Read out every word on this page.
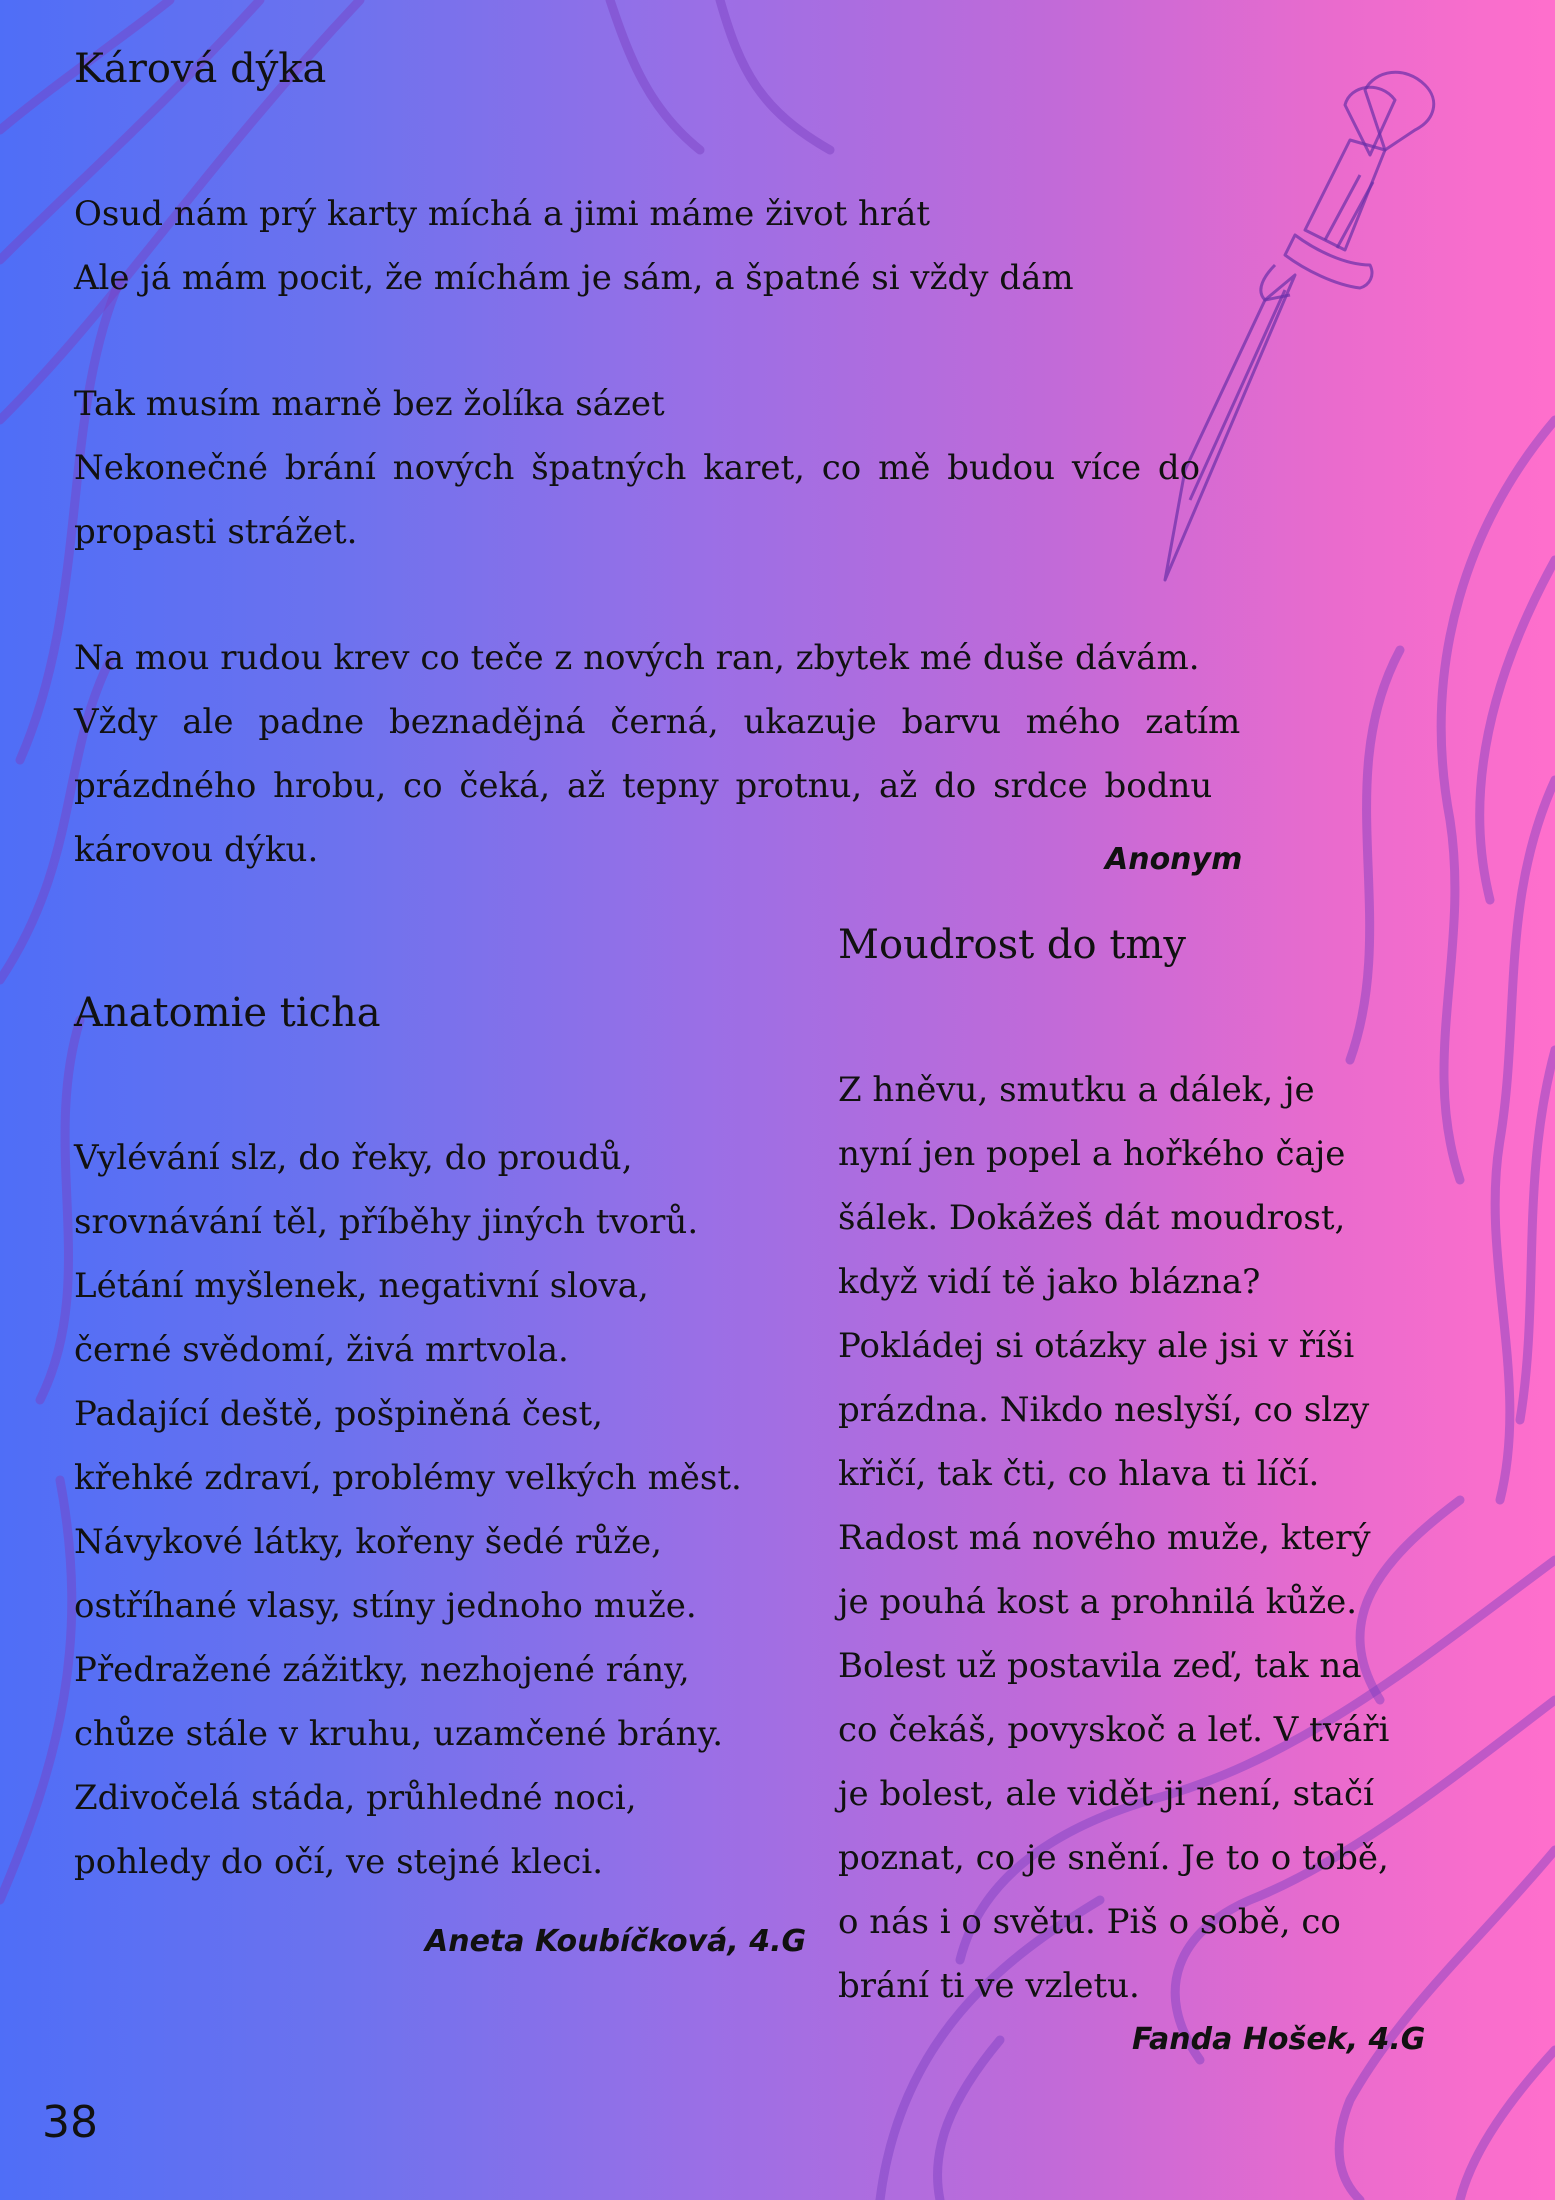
Kárová dýka

Osud nám prý karty míchá a jimi máme život hrát
Ale já mám pocit, že míchám je sám, a špatné si vždy dám

Tak musím marně bez žolíka sázet
Nekonečné brání nových špatných karet, co mě budou více do
propasti strážet.

Na mou rudou krev co teče z nových ran, zbytek mé duše dávám.
Vždy ale padne beznadějná černá, ukazuje barvu mého zatím
prázdného hrobu, co čeká, až tepny protnu, až do srdce bodnu
károvou dýku.	Anonym
Anatomie ticha

Vylévání slz, do řeky, do proudů,
srovnávání těl, příběhy jiných tvorů.
Létání myšlenek, negativní slova,
černé svědomí, živá mrtvola.
Padající deště, pošpiněná čest,
křehké zdraví, problémy velkých měst.
Návykové látky, kořeny šedé růže,
ostříhané vlasy, stíny jednoho muže.
Předražené zážitky, nezhojené rány,
chůze stále v kruhu, uzamčené brány.
Zdivočelá stáda, průhledné noci,
pohledy do očí, ve stejné kleci.

Aneta Koubíčková, 4.G
Moudrost do tmy

Z hněvu, smutku a dálek, je
nyní jen popel a hořkého čaje
šálek. Dokážeš dát moudrost,
když vidí tě jako blázna?
Pokládej si otázky ale jsi v říši
prázdna. Nikdo neslyší, co slzy
křičí, tak čti, co hlava ti líčí.
Radost má nového muže, který
je pouhá kost a prohnilá kůže.
Bolest už postavila zeď, tak na
co čekáš, povyskoč a leť. V tváři
je bolest, ale vidět ji není, stačí
poznat, co je snění. Je to o tobě,
o nás i o světu. Piš o sobě, co
brání ti ve vzletu.

Fanda Hošek, 4.G
38
